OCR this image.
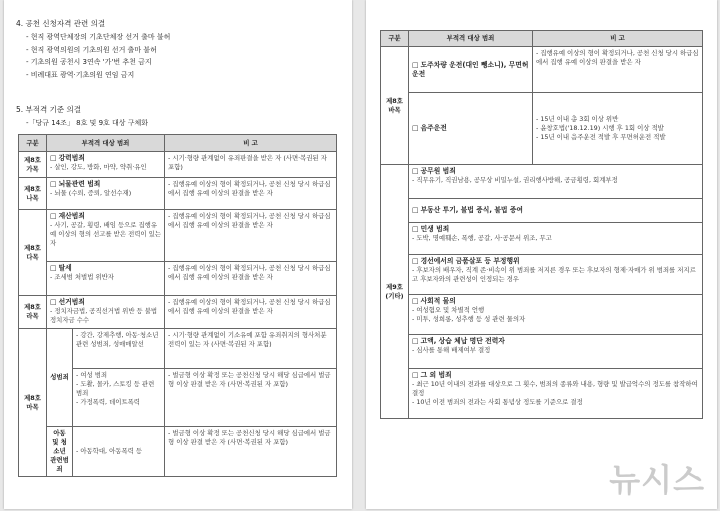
4. 공천 신청자격 관련 의결
- 현직 광역단체장의 기초단체장 선거 출마 불허
- 현직 광역의원의 기초의원 선거 출마 불허
- 기초의원 공천시 3연속 '가'번 추천 금지
- 비례대표 광역·기초의원 연임 금지
5. 부적격 기준 의결
-「당규 14조」 8호 및 9호 대상 구체화
구분	부적격 대상 범죄		비 고
제8호 가목	□ 강력범죄
- 살인, 강도, 방화, 마약, 약취·유인		- 시기·형량 관계없이 유죄판결을 받은 자 (사면·복권된 자 포함)
제8호 나목	□ 뇌물관련 범죄
- 뇌물 (수뢰, 증뢰, 알선수재)		- 집행유예 이상의 형이 확정되거나, 공천 신청 당시 하급심에서 집행 유예 이상의 판결을 받은 자
제8호 다목	□ 재산범죄
- 사기, 공갈, 횡령, 배임 등으로 집행유예 이상의 형의 선고를 받은 전력이 있는 자		- 집행유예 이상의 형이 확정되거나, 공천 신청 당시 하급심에서 집행 유예 이상의 판결을 받은 자

	□ 탈세
- 조세범 처벌법 위반자		- 집행유예 이상의 형이 확정되거나, 공천 신청 당시 하급심에서 집행 유예 이상의 판결을 받은 자
제8호 라목	□ 선거범죄
- 정치자금법, 공직선거법 위반 등 불법 정치자금 수수		- 집행유예 이상의 형이 확정되거나, 공천 신청 당시 하급심에서 집행 유예 이상의 판결을 받은 자
제8호 마목	성범죄	- 강간, 강제추행, 아동·청소년 관련 성범죄, 성매매알선	- 시기·형량 관계없이 기소유예 포함 유죄취지의 형사처분 전력이 있는 자 (사면·복권된 자 포함)
		- 여성 범죄
- 도촬, 몰카, 스토킹 등 관련 범죄
- 가정폭력, 데이트폭력	- 벌금형 이상 확정 또는 공천신청 당시 해당 심급에서 벌금형 이상 판결 받은 자 (사면·복권된 자 포함)
	아동 및 청소년 관련범죄	- 아동학대, 아동폭력 등	- 벌금형 이상 확정 또는 공천신청 당시 해당 심급에서 벌금형 이상 판결 받은 자 (사면·복권된 자 포함)
구분	부적격 대상 범죄	비 고
제8호 바목	□ 도주차량 운전(대인 뺑소니), 무면허운전	- 집행유예 이상의 형이 확정되거나, 공천 신청 당시 하급심에서 집행 유예 이상의 판결을 받은 자

	□ 음주운전	- 15년 이내 총 3회 이상 위반
- 윤창호법('18.12.19) 시행 후 1회 이상 적발
- 15년 이내 음주운전 적발 후 무면허운전 적발
제9호 (기타)	□ 공무원 범죄
- 직무유기, 직권남용, 공무상 비밀누설, 권리행사방해, 공금횡령, 회계부정

	□ 부동산 투기, 불법 증식, 불법 증여

	□ 민생 범죄
- 도박, 명예훼손, 폭행, 공갈, 사·공문서 위조, 무고

	□ 경선에서의 금품살포 등 부정행위
- 후보자의 배우자, 직계 존·비속이 위 범죄를 저지른 경우 또는 후보자의 형제·자매가 위 범죄를 저지르고 후보자와의 관련성이 인정되는 경우

	□ 사회적 물의
- 여성혐오 및 차별적 언행
- 미투, 성희롱, 성추행 등 성 관련 물의자

	□ 고액, 상습 체납 명단 전력자
- 심사를 통해 배제여부 결정

	□ 그 외 범죄
- 최근 10년 이내의 전과를 대상으로 그 횟수, 범죄의 종류와 내용, 형량 및 발급억수의 정도를 참작하여 결정
- 10년 이전 범죄의 전과는 사회 통념상 정도를 기준으로 결정
뉴시스
